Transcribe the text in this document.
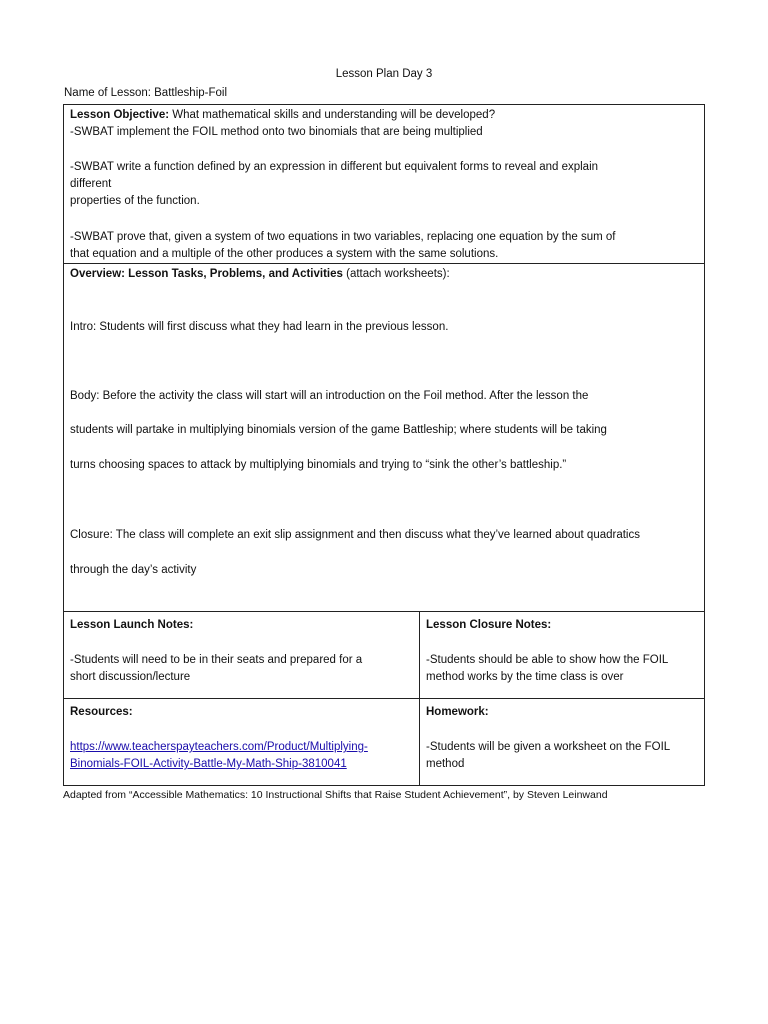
Lesson Plan Day 3
Name of Lesson: Battleship-Foil
Lesson Objective: What mathematical skills and understanding will be developed?
-SWBAT implement the FOIL method onto two binomials that are being multiplied
-SWBAT write a function defined by an expression in different but equivalent forms to reveal and explain
different
properties of the function.
-SWBAT prove that, given a system of two equations in two variables, replacing one equation by the sum of
that equation and a multiple of the other produces a system with the same solutions.
Overview: Lesson Tasks, Problems, and Activities (attach worksheets):
Intro: Students will first discuss what they had learn in the previous lesson.
Body: Before the activity the class will start will an introduction on the Foil method. After the lesson the
students will partake in multiplying binomials version of the game Battleship; where students will be taking
turns choosing spaces to attack by multiplying binomials and trying to “sink the other’s battleship.”
Closure: The class will complete an exit slip assignment and then discuss what they’ve learned about quadratics
through the day’s activity
Lesson Launch Notes:
-Students will need to be in their seats and prepared for a
short discussion/lecture
Lesson Closure Notes:
-Students should be able to show how the FOIL
method works by the time class is over
Resources:
https://www.teacherspayteachers.com/Product/Multiplying-
Binomials-FOIL-Activity-Battle-My-Math-Ship-3810041
Homework:
-Students will be given a worksheet on the FOIL
method
Adapted from “Accessible Mathematics: 10 Instructional Shifts that Raise Student Achievement”, by Steven Leinwand
